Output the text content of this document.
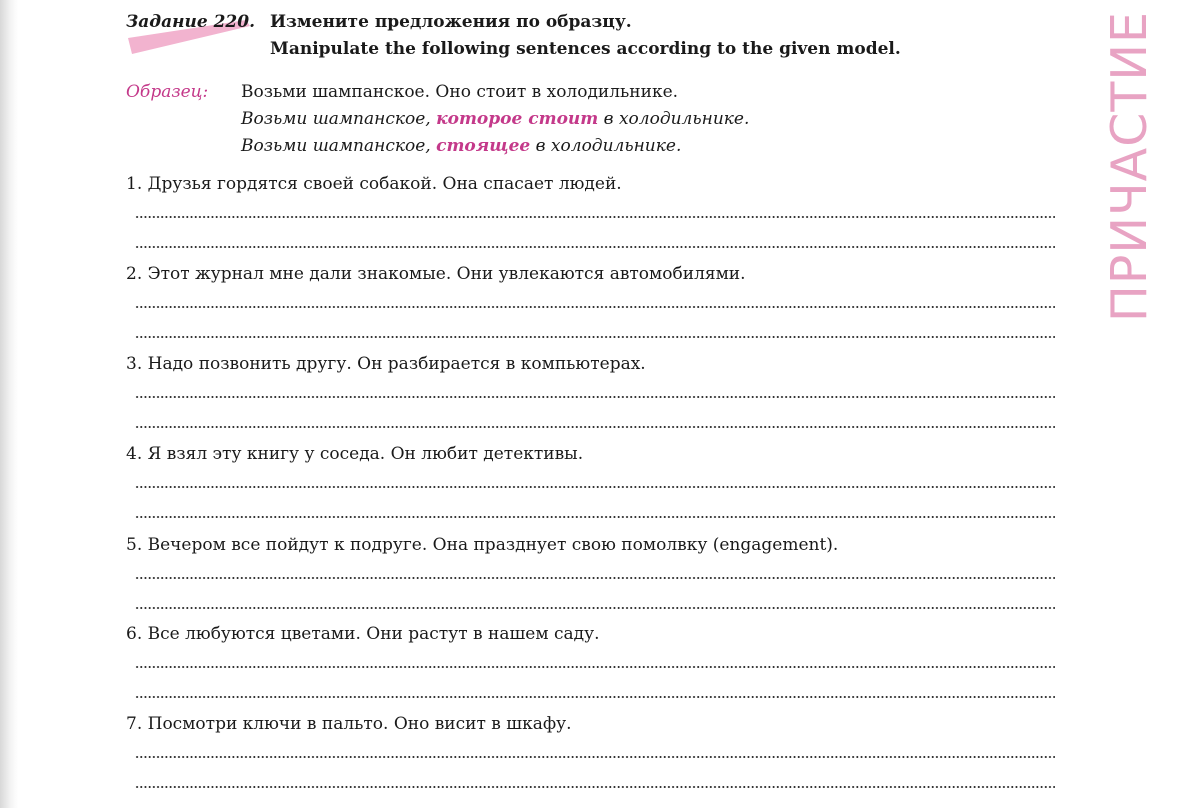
ПРИЧАСТИЕ
Задание 220. Измените предложения по образцу.
Manipulate the following sentences according to the given model.
Образец: Возьми шампанское. Оно стоит в холодильнике.
Возьми шампанское, которое стоит в холодильнике.
Возьми шампанское, стоящее в холодильнике.
1. Друзья гордятся своей собакой. Она спасает людей.
2. Этот журнал мне дали знакомые. Они увлекаются автомобилями.
3. Надо позвонить другу. Он разбирается в компьютерах.
4. Я взял эту книгу у соседа. Он любит детективы.
5. Вечером все пойдут к подруге. Она празднует свою помолвку (engagement).
6. Все любуются цветами. Они растут в нашем саду.
7. Посмотри ключи в пальто. Оно висит в шкафу.
